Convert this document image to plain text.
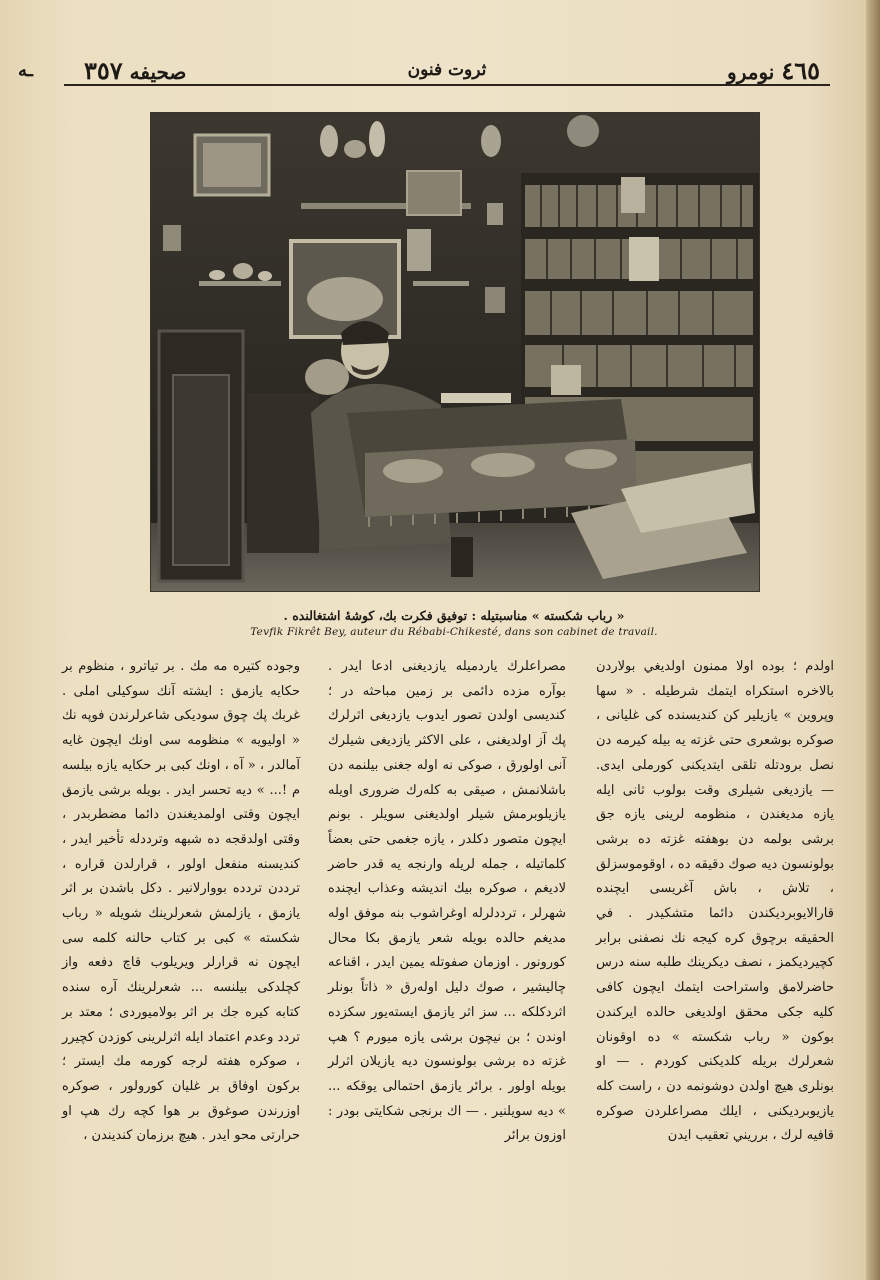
ـﻪ	٤٦٥ نومرو
ثروت فنون
صحيفه ٣٥٧
« رباب شكسته » مناسبتيله : توفيق فكرت بك، كوشهٔ اشتغالنده .
Tevfik Fikrêt Bey, auteur du Rébabi-Chikesté, dans son cabinet de travail.

اولدم ؛ بوده اولا ممنون اولديغي بولاردن بالاخره استكراه ايتمك شرطيله . « سها وپروين » يازيلير كن كنديسنده كى غليانى ، صوكره بوشعرى حتى غزته يه بيله كيرمه دن نصل برودتله تلقى ايتديكنى كورملى ايدى. — يازديغى شيلرى وقت بولوب ثانى ايله يازه مديغندن ، منظومه لرينى يازه جق برشى بولمه دن بوهفته غزته ده برشى بولونسون ديه صوك دقيقه ده ، اوقوموسزلق ، تلاش ، باش آغريسى ايچنده قارالايوبرديكندن دائما متشكيدر . في الحقيقه برچوق كره كيجه نك نصفنى برابر كچيرديكمز ، نصف ديكرينك طلبه سنه درس حاضرلامق واستراحت ايتمك ايچون كافى كليه جكى محقق اولديغى حالده ايركندن بوكون « رباب شكسته » ده اوقونان شعرلرك بريله كلديكنى كوردم . — او بونلرى هيچ اولدن دوشونمه دن ، راست كله يازيوبرديكنى ، ايلك مصراعلردن صوكره قافيه لرك ، برريني تعقيب ايدن

مصراعلرك ياردميله يازديغنى ادعا ايدر . بوآره مزده دائمى بر زمين مباحثه در ؛ كنديسى اولدن تصور ايدوب يازديغى اثرلرك پك آز اولديغنى ، على الاكثر يازديغى شيلرك آنى اولورق ، صوكى نه اوله جغنى بيلنمه دن باشلانمش ، صيقى به كلەرك ضرورى اويله يازيلوبرمش شيلر اولديغنى سويلر . بونم ايچون متصور دكلدر ، يازه جغمى حتى بعضاً كلماتيله ، جمله لريله وارنجه يه قدر حاضر لاديغم ، صوكره بيك انديشه وعذاب ايچنده شهرلر ، ترددلرله اوغراشوب بنه موفق اوله مديغم حالده بويله شعر يازمق بكا محال كورونور . اوزمان صفوتله يمين ايدر ، اقناعه چاليشير ، صوك دليل اولەرق « ذاتاً بونلر اثردكلكه ... سز اثر يازمق ايستەيور سكزده اوندن ؛ بن نيچون برشى يازه ميورم ؟ هپ غزته ده برشى بولونسون ديه يازيلان اثرلر بويله اولور . برائر يازمق احتمالى يوقكه ... » ديه سويلنير . — اك برنجى شكايتى بودر : اوزون برائر

وجوده كتيره مه مك . بر تياترو ، منظوم بر حكايه يازمق : ايشته آنك سوكيلى املى . غربك پك چوق سوديكى شاعرلرندن فوپه نك « اوليويه » منظومه سى اونك ايچون غايه آمالدر ، « آه ، اونك كبى بر حكايه يازه بيلسه م !... » ديه تحسر ايدر . بويله برشى يازمق ايچون وقتى اولمديغندن دائما مضطربدر ، وقتى اولدقجه ده شبهه وترددله تأخير ايدر ، كنديسنه منفعل اولور ، قرارلدن قراره ، ترددن تردده بووارلانير . دكل باشدن بر اثر يازمق ، يازلمش شعرلرينك شويله « رباب شكسته » كبى بر كتاب حالنه كلمه سى ايچون نه قرارلر ويريلوب قاچ دفعه واز كچلدكى بيلنسه ... شعرلرينك آره سنده كتابه كيره جك بر اثر بولاميوردى ؛ معتد بر تردد وعدم اعتماد ايله اثرلرينى كوزدن كچيرر ، صوكره هفته لرجه كورمه مك ايستر ؛ بركون اوفاق بر غليان كورولور ، صوكره اوزرندن صوغوق بر هوا كچه رك هپ او حرارتى محو ايدر . هيچ برزمان كنديندن ،
